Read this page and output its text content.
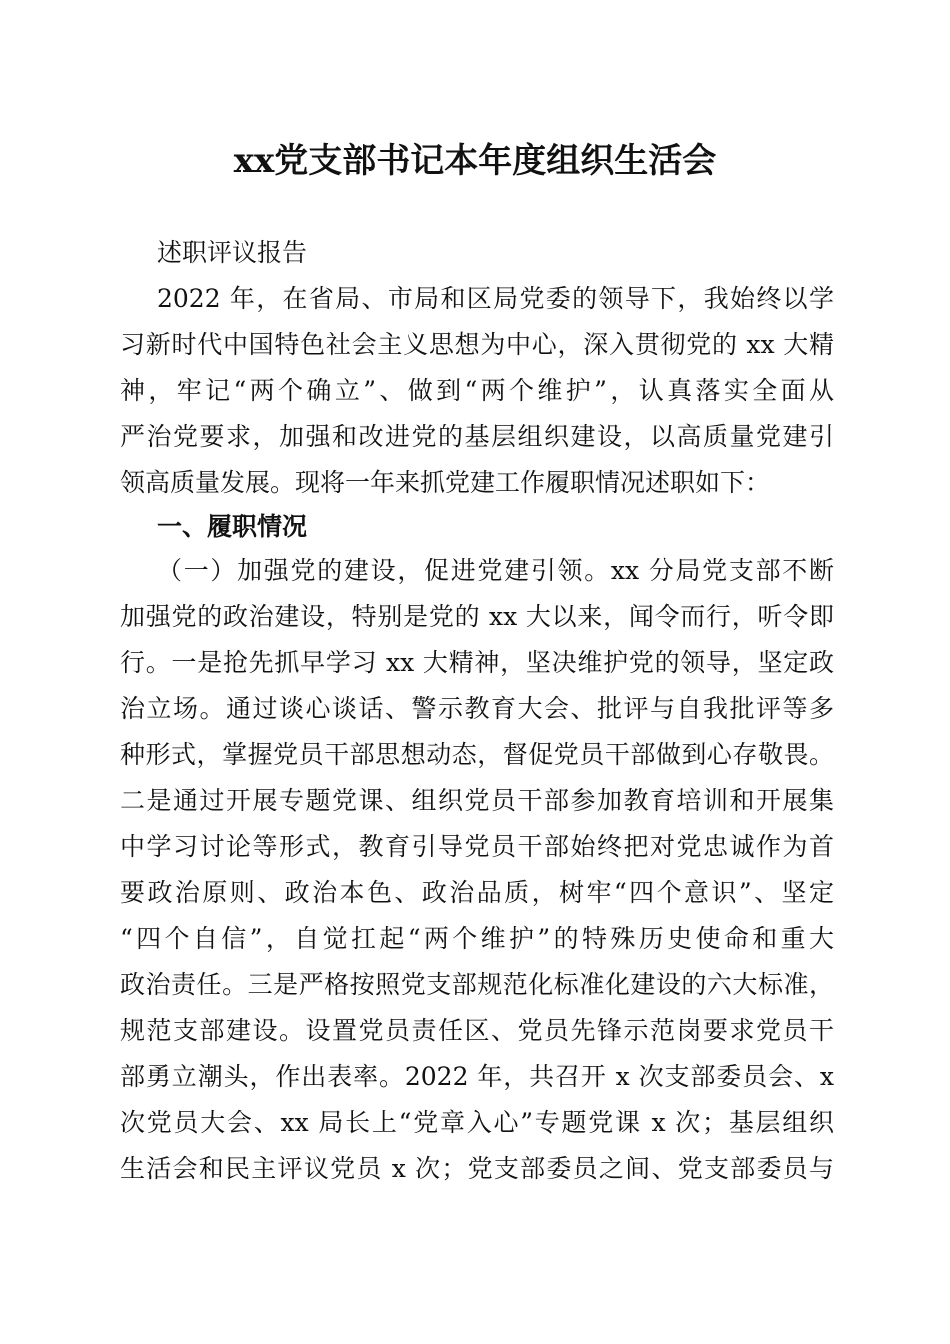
xx党支部书记本年度组织生活会

述职评议报告

2022 年，在省局、市局和区局党委的领导下，我始终以学

习新时代中国特色社会主义思想为中心，深入贯彻党的 xx 大精

神，牢记“两个确立”、做到“两个维护”，认真落实全面从

严治党要求，加强和改进党的基层组织建设，以高质量党建引

领高质量发展。现将一年来抓党建工作履职情况述职如下：

一、履职情况

（一）加强党的建设，促进党建引领。xx 分局党支部不断

加强党的政治建设，特别是党的 xx 大以来，闻令而行，听令即

行。一是抢先抓早学习 xx 大精神，坚决维护党的领导，坚定政

治立场。通过谈心谈话、警示教育大会、批评与自我批评等多

种形式，掌握党员干部思想动态，督促党员干部做到心存敬畏。

二是通过开展专题党课、组织党员干部参加教育培训和开展集

中学习讨论等形式，教育引导党员干部始终把对党忠诚作为首

要政治原则、政治本色、政治品质，树牢“四个意识”、坚定

“四个自信”，自觉扛起“两个维护”的特殊历史使命和重大

政治责任。三是严格按照党支部规范化标准化建设的六大标准，

规范支部建设。设置党员责任区、党员先锋示范岗要求党员干

部勇立潮头，作出表率。2022 年，共召开 x 次支部委员会、x

次党员大会、xx 局长上“党章入心”专题党课 x 次；基层组织

生活会和民主评议党员 x 次；党支部委员之间、党支部委员与
